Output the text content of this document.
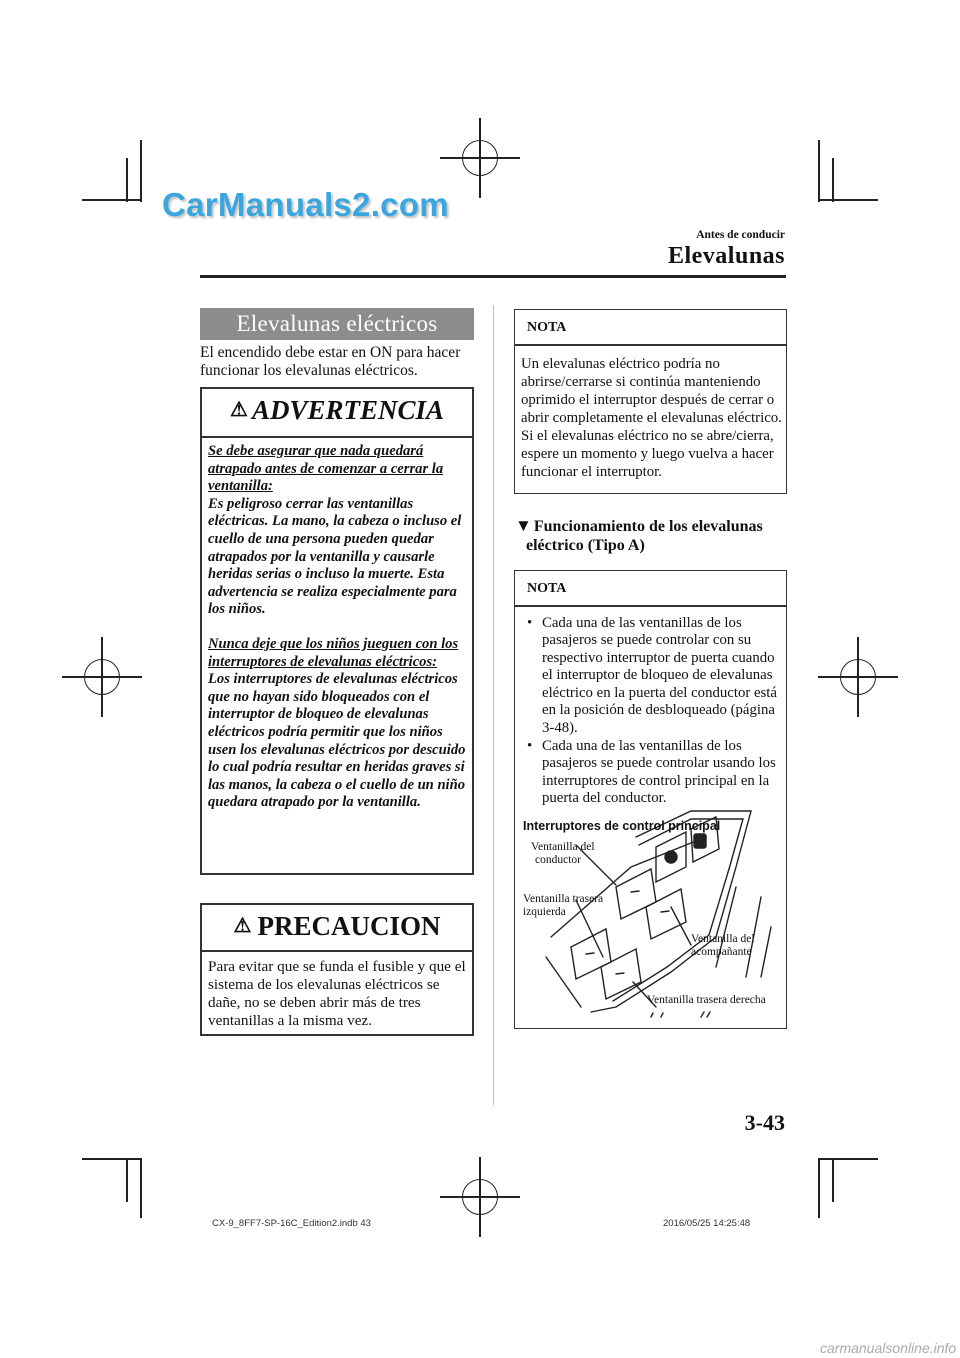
CarManuals2.com
Antes de conducir
Elevalunas
Elevalunas eléctricos
El encendido debe estar en ON para hacer funcionar los elevalunas eléctricos.
⚠ ADVERTENCIA

Se debe asegurar que nada quedará atrapado antes de comenzar a cerrar la ventanilla:
Es peligroso cerrar las ventanillas eléctricas. La mano, la cabeza o incluso el cuello de una persona pueden quedar atrapados por la ventanilla y causarle heridas serias o incluso la muerte. Esta advertencia se realiza especialmente para los niños.

Nunca deje que los niños jueguen con los interruptores de elevalunas eléctricos:
Los interruptores de elevalunas eléctricos que no hayan sido bloqueados con el interruptor de bloqueo de elevalunas eléctricos podría permitir que los niños usen los elevalunas eléctricos por descuido lo cual podría resultar en heridas graves si las manos, la cabeza o el cuello de un niño quedara atrapado por la ventanilla.

⚠ PRECAUCION
Para evitar que se funda el fusible y que el sistema de los elevalunas eléctricos se dañe, no se deben abrir más de tres ventanillas a la misma vez.
NOTA
Un elevalunas eléctrico podría no abrirse/cerrarse si continúa manteniendo oprimido el interruptor después de cerrar o abrir completamente el elevalunas eléctrico. Si el elevalunas eléctrico no se abre/cierra, espere un momento y luego vuelva a hacer funcionar el interruptor.
▼ Funcionamiento de los elevalunas
eléctrico (Tipo A)
NOTA
• Cada una de las ventanillas de los pasajeros se puede controlar con su respectivo interruptor de puerta cuando el interruptor de bloqueo de elevalunas eléctrico en la puerta del conductor está en la posición de desbloqueado (página 3-48).
• Cada una de las ventanillas de los pasajeros se puede controlar usando los interruptores de control principal en la puerta del conductor.
Interruptores de control principal
Ventanilla del
conductor
Ventanilla trasera
izquierda
Ventanilla del
acompañante
Ventanilla trasera derecha
3-43
CX-9_8FF7-SP-16C_Edition2.indb 43	2016/05/25 14:25:48
carmanualsonline.info
